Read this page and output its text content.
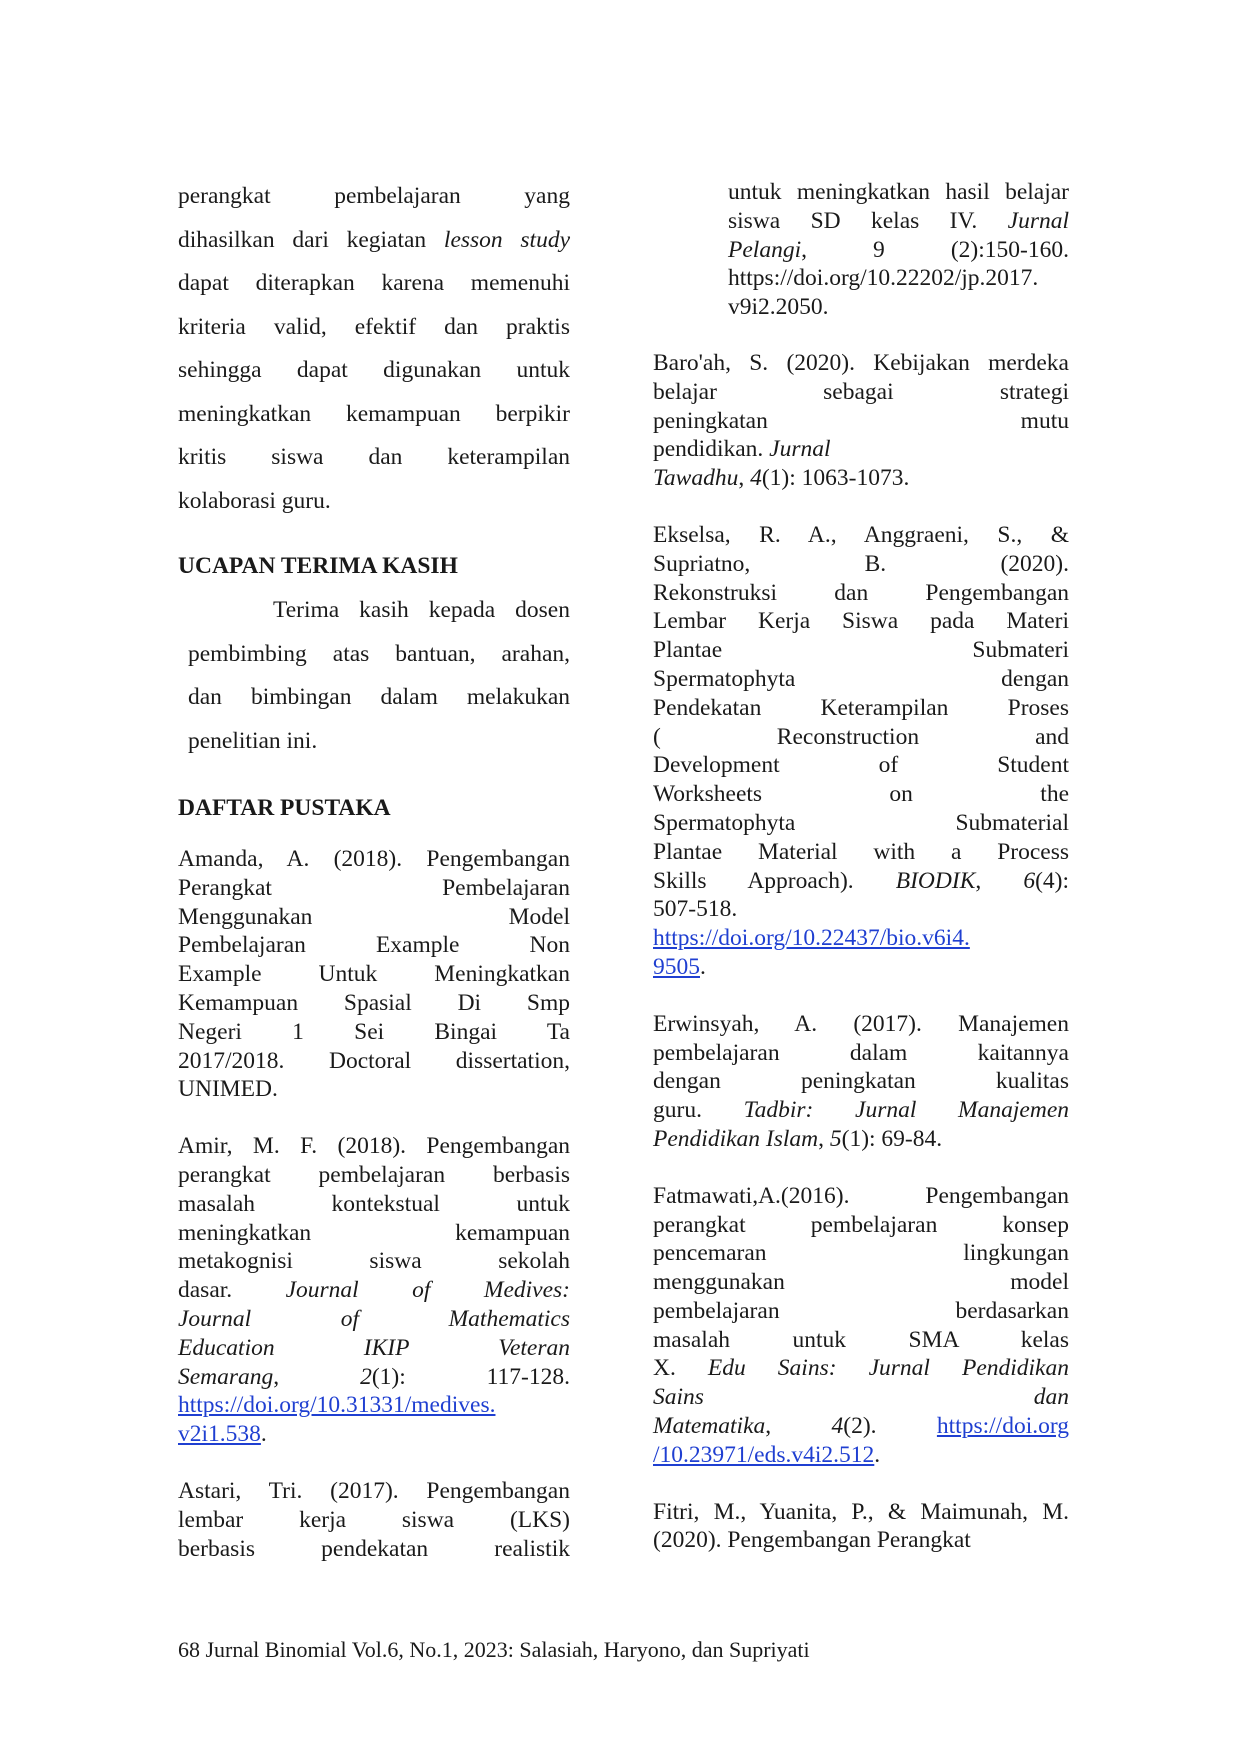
perangkat pembelajaran yang

dihasilkan dari kegiatan lesson study

dapat diterapkan karena memenuhi

kriteria valid, efektif dan praktis

sehingga dapat digunakan untuk

meningkatkan kemampuan berpikir

kritis siswa dan keterampilan

kolaborasi guru.

UCAPAN TERIMA KASIH
Terima kasih kepada dosen
pembimbing atas bantuan, arahan,
dan bimbingan dalam melakukan
penelitian ini.
DAFTAR PUSTAKA
Amanda, A. (2018). Pengembangan
Perangkat Pembelajaran
Menggunakan Model
Pembelajaran Example Non
Example Untuk Meningkatkan
Kemampuan Spasial Di Smp
Negeri 1 Sei Bingai Ta
2017/2018. Doctoral dissertation,
UNIMED.
Amir, M. F. (2018). Pengembangan
perangkat pembelajaran berbasis
masalah kontekstual untuk
meningkatkan kemampuan
metakognisi siswa sekolah
dasar. Journal of Medives:
Journal of Mathematics
Education IKIP Veteran
Semarang, 2(1): 117-128.
https://doi.org/10.31331/medives.
v2i1.538.
Astari, Tri. (2017). Pengembangan
lembar kerja siswa (LKS)
berbasis pendekatan realistik
untuk meningkatkan hasil belajar
siswa SD kelas IV. Jurnal
Pelangi, 9 (2):150-160.
https://doi.org/10.22202/jp.2017.
v9i2.2050.
Baro'ah, S. (2020). Kebijakan merdeka
belajar sebagai strategi
peningkatan mutu
pendidikan. Jurnal
Tawadhu, 4(1): 1063-1073.
Ekselsa, R. A., Anggraeni, S., &
Supriatno, B. (2020).
Rekonstruksi dan Pengembangan
Lembar Kerja Siswa pada Materi
Plantae Submateri
Spermatophyta dengan
Pendekatan Keterampilan Proses
( Reconstruction and
Development of Student
Worksheets on the
Spermatophyta Submaterial
Plantae Material with a Process
Skills Approach). BIODIK, 6(4):
507-518.
https://doi.org/10.22437/bio.v6i4.
9505.
Erwinsyah, A. (2017). Manajemen
pembelajaran dalam kaitannya
dengan peningkatan kualitas
guru. Tadbir: Jurnal Manajemen
Pendidikan Islam, 5(1): 69-84.
Fatmawati,A.(2016). Pengembangan
perangkat pembelajaran konsep
pencemaran lingkungan
menggunakan model
pembelajaran berdasarkan
masalah untuk SMA kelas
X. Edu Sains: Jurnal Pendidikan
Sains dan
Matematika, 4(2). https://doi.org
/10.23971/eds.v4i2.512.
Fitri, M., Yuanita, P., & Maimunah, M.
(2020). Pengembangan Perangkat
68 Jurnal Binomial Vol.6, No.1, 2023: Salasiah, Haryono, dan Supriyati
